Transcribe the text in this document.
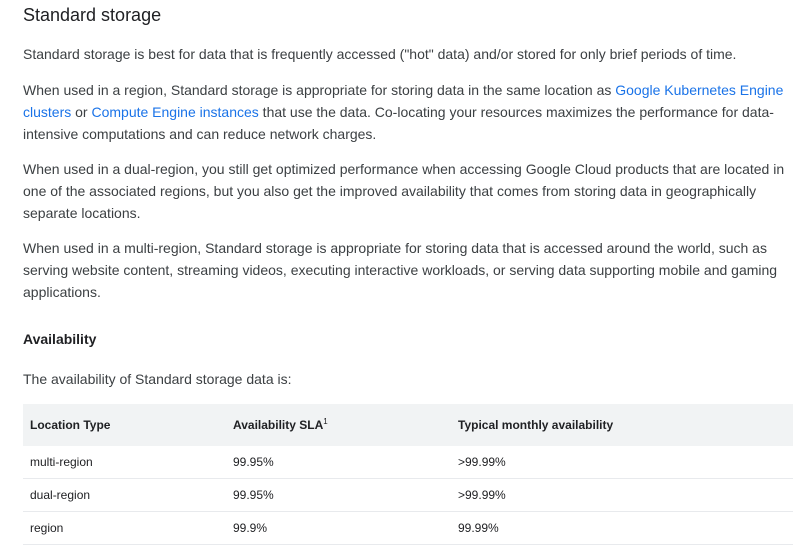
Standard storage

Standard storage is best for data that is frequently accessed ("hot" data) and/or stored for only brief periods of time.

When used in a region, Standard storage is appropriate for storing data in the same location as Google Kubernetes Engine clusters or Compute Engine instances that use the data. Co-locating your resources maximizes the performance for data-intensive computations and can reduce network charges.

When used in a dual-region, you still get optimized performance when accessing Google Cloud products that are located in one of the associated regions, but you also get the improved availability that comes from storing data in geographically separate locations.

When used in a multi-region, Standard storage is appropriate for storing data that is accessed around the world, such as serving website content, streaming videos, executing interactive workloads, or serving data supporting mobile and gaming applications.

Availability

The availability of Standard storage data is:

Location Type	Availability SLA$^1$	Typical monthly availability
multi-region	99.95%	>99.99%
dual-region	99.95%	>99.99%
region	99.9%	99.99%
